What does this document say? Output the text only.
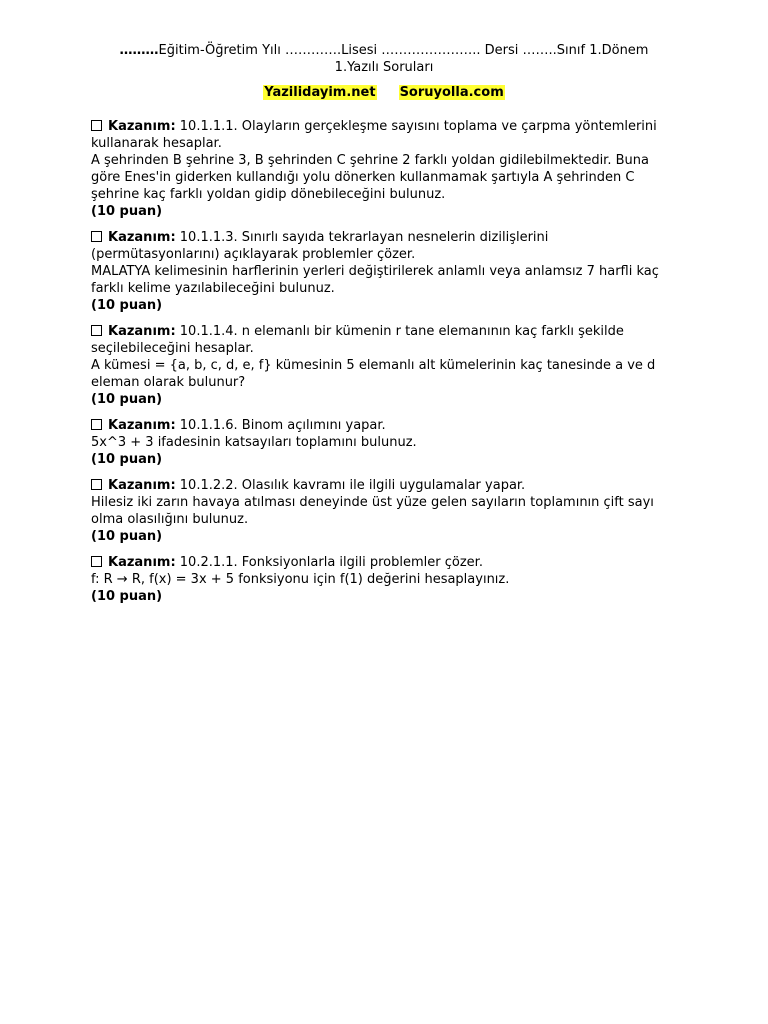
………Eğitim-Öğretim Yılı ………….Lisesi ………………….. Dersi ……..Sınıf 1.Dönem
1.Yazılı Soruları
Yazilidayim.net Soruyolla.com
Kazanım: 10.1.1.1. Olayların gerçekleşme sayısını toplama ve çarpma yöntemlerini kullanarak hesaplar.
A şehrinden B şehrine 3, B şehrinden C şehrine 2 farklı yoldan gidilebilmektedir. Buna göre Enes'in giderken kullandığı yolu dönerken kullanmamak şartıyla A şehrinden C şehrine kaç farklı yoldan gidip dönebileceğini bulunuz.
(10 puan)
Kazanım: 10.1.1.3. Sınırlı sayıda tekrarlayan nesnelerin dizilişlerini (permütasyonlarını) açıklayarak problemler çözer.
MALATYA kelimesinin harflerinin yerleri değiştirilerek anlamlı veya anlamsız 7 harfli kaç farklı kelime yazılabileceğini bulunuz.
(10 puan)
Kazanım: 10.1.1.4. n elemanlı bir kümenin r tane elemanının kaç farklı şekilde seçilebileceğini hesaplar.
A kümesi = {a, b, c, d, e, f} kümesinin 5 elemanlı alt kümelerinin kaç tanesinde a ve d eleman olarak bulunur?
(10 puan)
Kazanım: 10.1.1.6. Binom açılımını yapar.
5x^3 + 3 ifadesinin katsayıları toplamını bulunuz.
(10 puan)
Kazanım: 10.1.2.2. Olasılık kavramı ile ilgili uygulamalar yapar.
Hilesiz iki zarın havaya atılması deneyinde üst yüze gelen sayıların toplamının çift sayı olma olasılığını bulunuz.
(10 puan)
Kazanım: 10.2.1.1. Fonksiyonlarla ilgili problemler çözer.
f: R → R, f(x) = 3x + 5 fonksiyonu için f(1) değerini hesaplayınız.
(10 puan)
